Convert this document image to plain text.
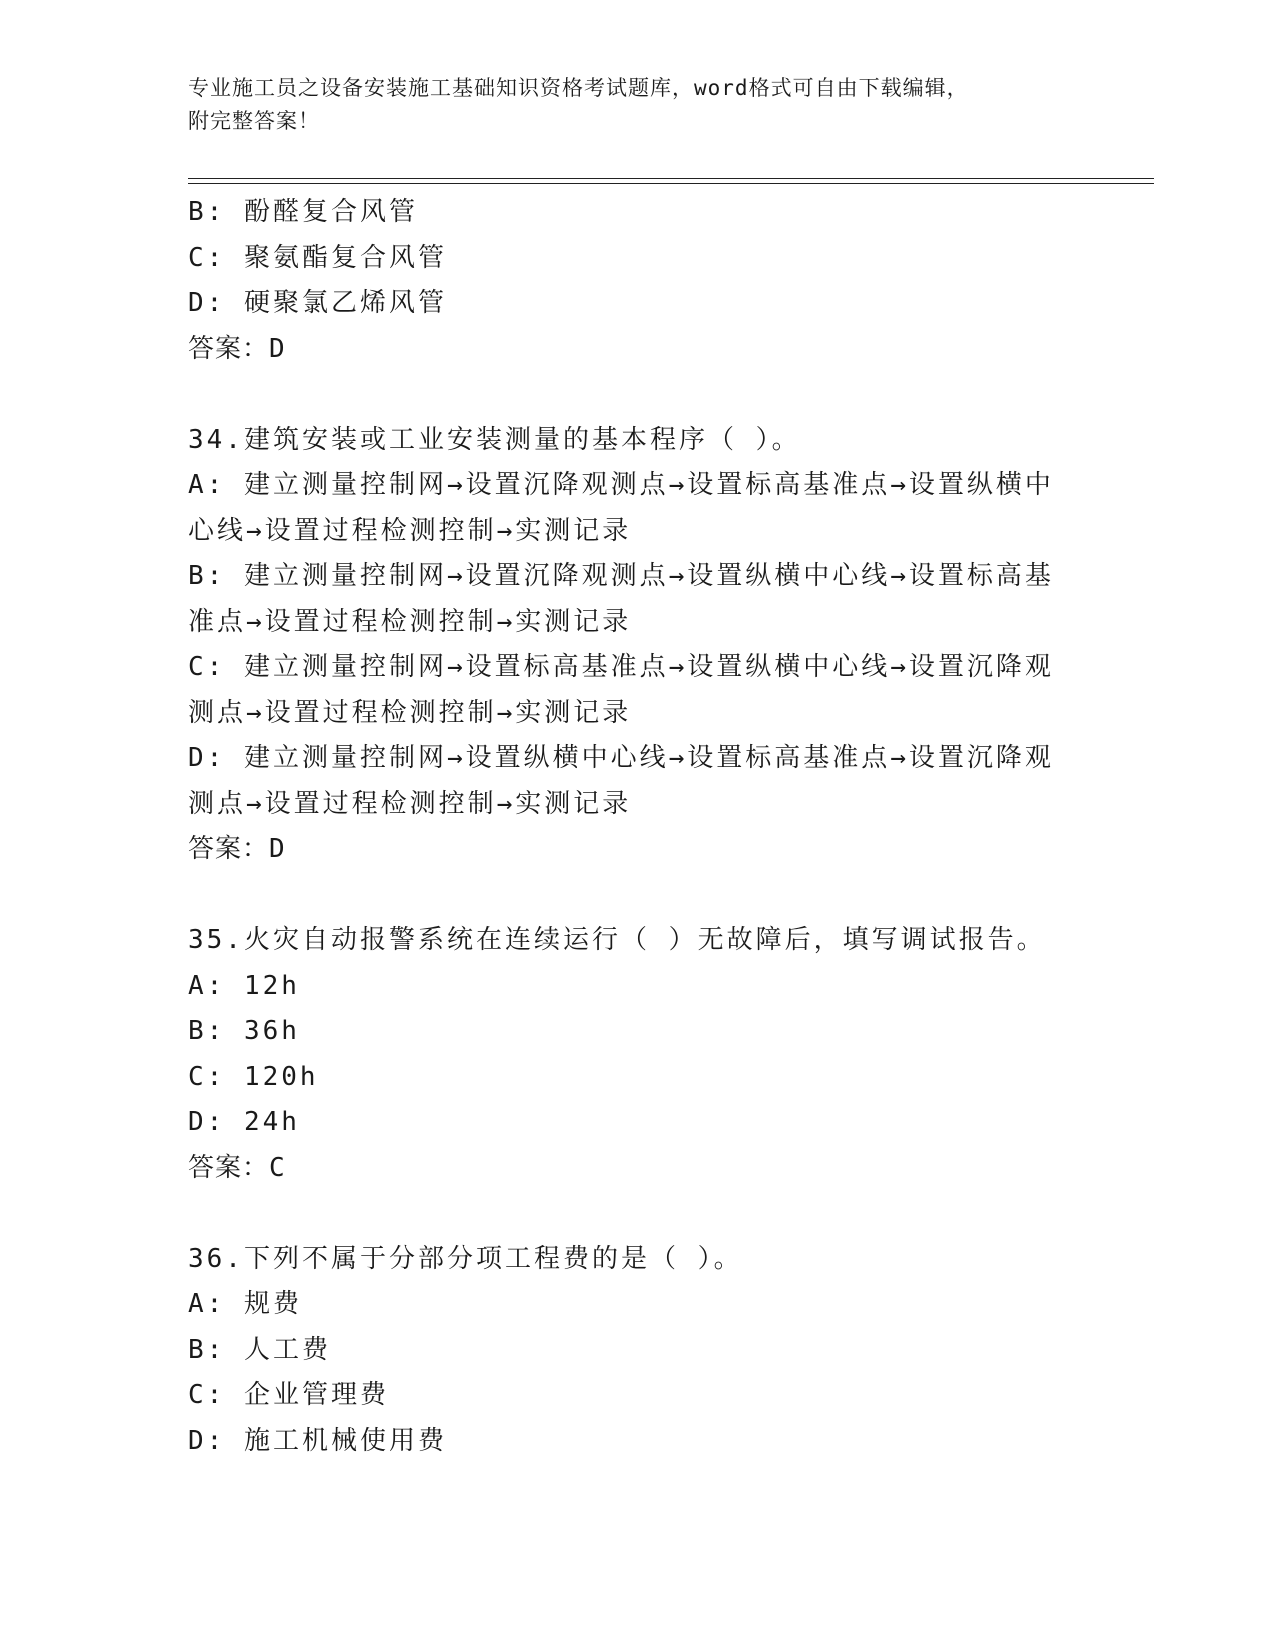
专业施工员之设备安装施工基础知识资格考试题库，word格式可自由下载编辑，
附完整答案！
B: 酚醛复合风管
C: 聚氨酯复合风管
D: 硬聚氯乙烯风管
答案：D
34.建筑安装或工业安装测量的基本程序（ ）。
A: 建立测量控制网→设置沉降观测点→设置标高基准点→设置纵横中
心线→设置过程检测控制→实测记录
B: 建立测量控制网→设置沉降观测点→设置纵横中心线→设置标高基
准点→设置过程检测控制→实测记录
C: 建立测量控制网→设置标高基准点→设置纵横中心线→设置沉降观
测点→设置过程检测控制→实测记录
D: 建立测量控制网→设置纵横中心线→设置标高基准点→设置沉降观
测点→设置过程检测控制→实测记录
答案：D
35.火灾自动报警系统在连续运行（ ）无故障后，填写调试报告。
A: 12h
B: 36h
C: 120h
D: 24h
答案：C
36.下列不属于分部分项工程费的是（ ）。
A: 规费
B: 人工费
C: 企业管理费
D: 施工机械使用费
